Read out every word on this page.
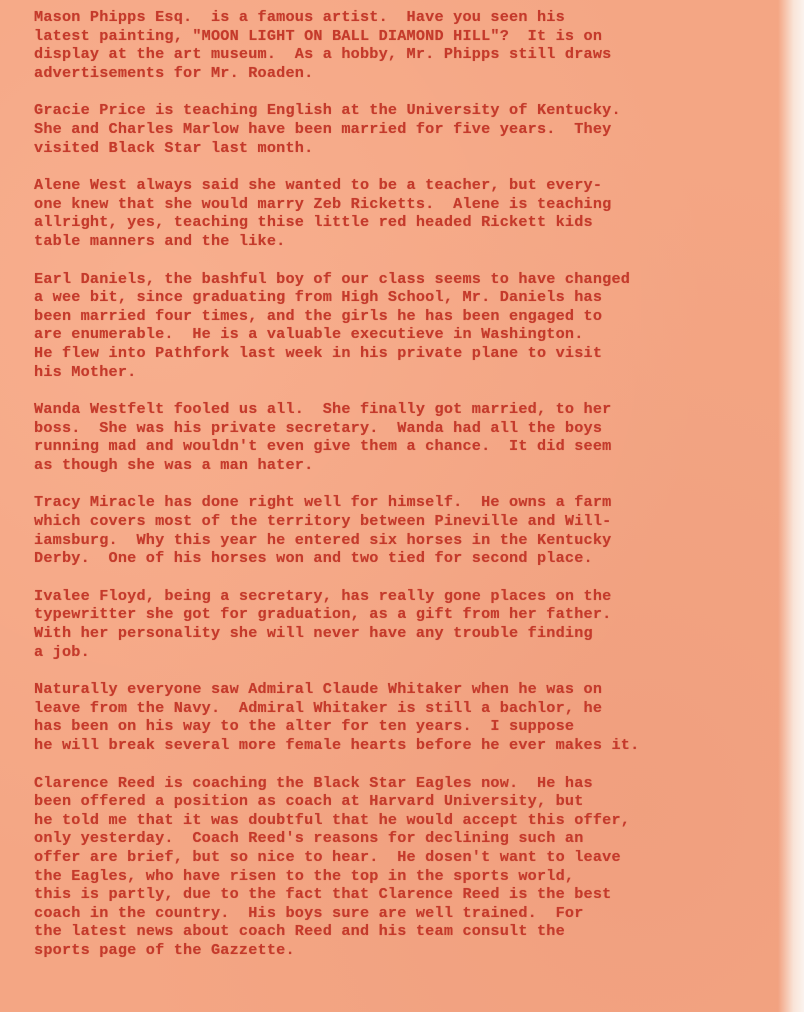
Mason Phipps Esq.  is a famous artist.  Have you seen his
latest painting, "MOON LIGHT ON BALL DIAMOND HILL"?  It is on
display at the art museum.  As a hobby, Mr. Phipps still draws
advertisements for Mr. Roaden.
Gracie Price is teaching English at the University of Kentucky.
She and Charles Marlow have been married for five years.  They
visited Black Star last month.
Alene West always said she wanted to be a teacher, but every-
one knew that she would marry Zeb Ricketts.  Alene is teaching
allright, yes, teaching thise little red headed Rickett kids
table manners and the like.
Earl Daniels, the bashful boy of our class seems to have changed
a wee bit, since graduating from High School, Mr. Daniels has
been married four times, and the girls he has been engaged to
are enumerable.  He is a valuable executieve in Washington.
He flew into Pathfork last week in his private plane to visit
his Mother.
Wanda Westfelt fooled us all.  She finally got married, to her
boss.  She was his private secretary.  Wanda had all the boys
running mad and wouldn't even give them a chance.  It did seem
as though she was a man hater.
Tracy Miracle has done right well for himself.  He owns a farm
which covers most of the territory between Pineville and Will-
iamsburg.  Why this year he entered six horses in the Kentucky
Derby.  One of his horses won and two tied for second place.
Ivalee Floyd, being a secretary, has really gone places on the
typewritter she got for graduation, as a gift from her father.
With her personality she will never have any trouble finding
a job.
Naturally everyone saw Admiral Claude Whitaker when he was on
leave from the Navy.  Admiral Whitaker is still a bachlor, he
has been on his way to the alter for ten years.  I suppose
he will break several more female hearts before he ever makes it.
Clarence Reed is coaching the Black Star Eagles now.  He has
been offered a position as coach at Harvard University, but
he told me that it was doubtful that he would accept this offer,
only yesterday.  Coach Reed's reasons for declining such an
offer are brief, but so nice to hear.  He dosen't want to leave
the Eagles, who have risen to the top in the sports world,
this is partly, due to the fact that Clarence Reed is the best
coach in the country.  His boys sure are well trained.  For
the latest news about coach Reed and his team consult the
sports page of the Gazzette.
